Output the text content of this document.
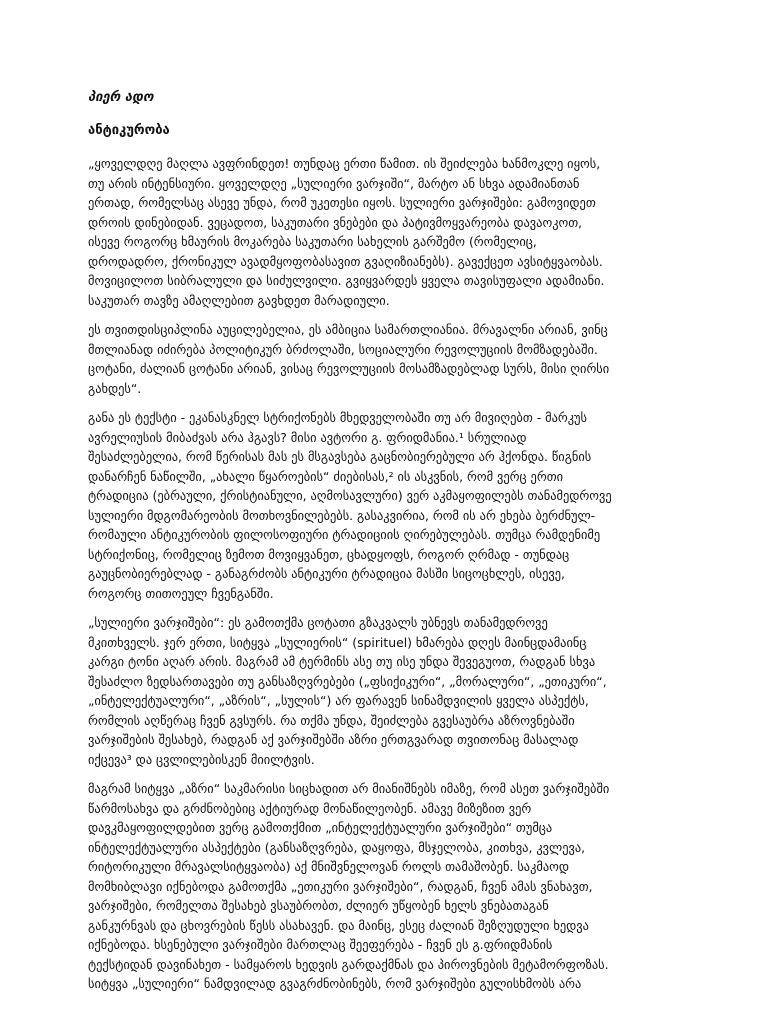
პიერ ადო
ანტიკურობა
„ყოველდღე მაღლა ავფრინდეთ! თუნდაც ერთი წამით. ის შეიძლება ხანმოკლე იყოს,
თუ არის ინტენსიური. ყოველდღე „სულიერი ვარჯიში“, მარტო ან სხვა ადამიანთან
ერთად, რომელსაც ასევე უნდა, რომ უკეთესი იყოს. სულიერი ვარჯიშები: გამოვიდეთ
დროის დინებიდან. ვეცადოთ, საკუთარი ვნებები და პატივმოყვარეობა დავაოკოთ,
ისევე როგორც ხმაურის მოკარება საკუთარი სახელის გარშემო (რომელიც,
დროდადრო, ქრონიკულ ავადმყოფობასავით გვაღიზიანებს). გავექცეთ ავსიტყვაობას.
მოვიცილოთ სიბრალული და სიძულვილი. გვიყვარდეს ყველა თავისუფალი ადამიანი.
საკუთარ თავზე ამაღლებით გავხდეთ მარადიული.
ეს თვითდისციპლინა აუცილებელია, ეს ამბიცია სამართლიანია. მრავალნი არიან, ვინც
მთლიანად იძირება პოლიტიკურ ბრძოლაში, სოციალური რევოლუციის მომზადებაში.
ცოტანი, ძალიან ცოტანი არიან, ვისაც რევოლუციის მოსამზადებლად სურს, მისი ღირსი
გახდეს“.
განა ეს ტექსტი - ეკანასკნელ სტრიქონებს მხედველობაში თუ არ მივიღებთ - მარკუს
ავრელიუსის მიბაძვას არა ჰგავს? მისი ავტორი გ. ფრიდმანია.¹ სრულიად
შესაძლებელია, რომ წერისას მას ეს მსგავსება გაცნობიერებული არ ჰქონდა. წიგნის
დანარჩენ ნაწილში, „ახალი წყაროების“ ძიებისას,² ის ასკვნის, რომ ვერც ერთი
ტრადიცია (ებრაული, ქრისტიანული, აღმოსავლური) ვერ აკმაყოფილებს თანამედროვე
სულიერი მდგომარეობის მოთხოვნილებებს. გასაკვირია, რომ ის არ ეხება ბერძნულ-
რომაული ანტიკურობის ფილოსოფიური ტრადიციის ღირებულებას. თუმცა რამდენიმე
სტრიქონიც, რომელიც ზემოთ მოვიყვანეთ, ცხადყოფს, როგორ ღრმად - თუნდაც
გაუცნობიერებლად - განაგრძობს ანტიკური ტრადიცია მასში სიცოცხლეს, ისევე,
როგორც თითოეულ ჩვენგანში.
„სულიერი ვარჯიშები“: ეს გამოთქმა ცოტათი გზაკვალს უბნევს თანამედროვე
მკითხველს. ჯერ ერთი, სიტყვა „სულიერის“ (spirituel) ხმარება დღეს მაინცდამაინც
კარგი ტონი აღარ არის. მაგრამ ამ ტერმინს ასე თუ ისე უნდა შევეგუოთ, რადგან სხვა
შესაძლო ზედსართავები თუ განსაზღვრებები („ფსიქიკური“, „მორალური“, „ეთიკური“,
„ინტელექტუალური“, „აზრის“, „სულის“) არ ფარავენ სინამდვილის ყველა ასპექტს,
რომლის აღწერაც ჩვენ გვსურს. რა თქმა უნდა, შეიძლება გვესაუბრა აზროვნებაში
ვარჯიშების შესახებ, რადგან აქ ვარჯიშებში აზრი ერთგვარად თვითონაც მასალად
იქცევა³ და ცვლილებისკენ მიილტვის.
მაგრამ სიტყვა „აზრი“ საკმარისი სიცხადით არ მიანიშნებს იმაზე, რომ ასეთ ვარჯიშებში
წარმოსახვა და გრძნობებიც აქტიურად მონაწილეობენ. ამავე მიზეზით ვერ
დავკმაყოფილდებით ვერც გამოთქმით „ინტელექტუალური ვარჯიშები“ თუმცა
ინტელექტუალური ასპექტები (განსაზღვრება, დაყოფა, მსჯელობა, კითხვა, კვლევა,
რიტორიკული მრავალსიტყვაობა) აქ მნიშვნელოვან როლს თამაშობენ. საკმაოდ
მომხიბლავი იქნებოდა გამოთქმა „ეთიკური ვარჯიშები“, რადგან, ჩვენ ამას ვნახავთ,
ვარჯიშები, რომელთა შესახებ ვსაუბრობთ, ძლიერ უწყობენ ხელს ვნებათაგან
განკურნვას და ცხოვრების წესს ასახავენ. და მაინც, ესეც ძალიან შეზღუდული ხედვა
იქნებოდა. ხსენებული ვარჯიშები მართლაც შეეფერება - ჩვენ ეს გ.ფრიდმანის
ტექსტიდან დავინახეთ - სამყაროს ხედვის გარდაქმნას და პიროვნების მეტამორფოზას.
სიტყვა „სულიერი“ ნამდვილად გვაგრძნობინებს, რომ ვარჯიშები გულისხმობს არა
